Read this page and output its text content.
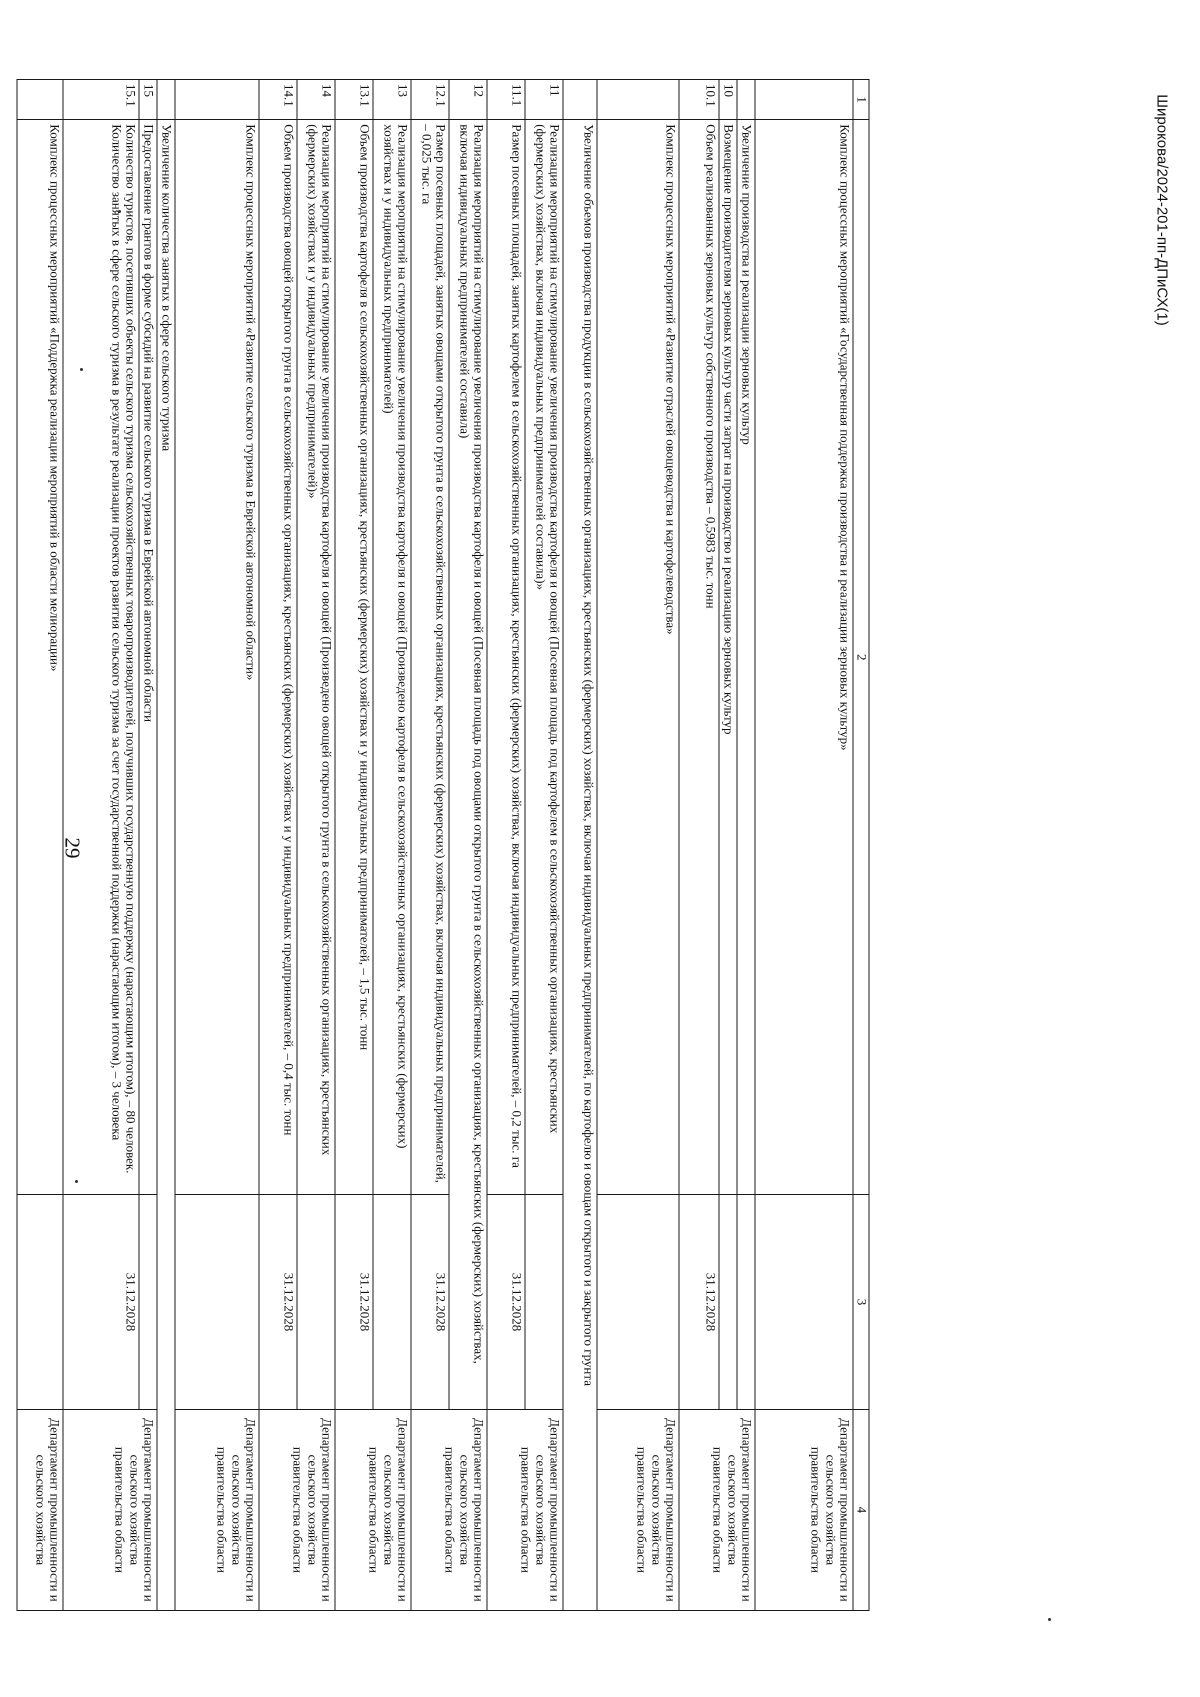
29
Широкова/2024-201-пп-ДПиСХ(1)
1	2	3	4
	Комплекс процессных мероприятий «Государственная поддержка производства и реализации зерновых культур»		Департамент промышленности и сельского хозяйства правительства области
	Увеличение производства и реализации зерновых культур		Департамент промышленности и сельского хозяйства правительства области
10	Возмещение производителям зерновых культур части затрат на производство и реализацию зерновых культур		
10.1	Объем реализованных зерновых культур собственного производства – 0,5983 тыс. тонн	31.12.2028	
	Комплекс процессных мероприятий «Развитие отраслей овощеводства и картофелеводства»		Департамент промышленности и сельского хозяйства правительства области
	Увеличение объемов производства продукции в сельскохозяйственных организациях, крестьянских (фермерских) хозяйствах, включая индивидуальных предпринимателей, по картофелю и овощам открытого и закрытого грунта		
11	Реализация мероприятий на стимулирование увеличения производства картофеля и овощей (Посевная площадь под картофелем в сельскохозяйственных организациях, крестьянских (фермерских) хозяйствах, включая индивидуальных предпринимателей составила)»		Департамент промышленности и сельского хозяйства правительства области
11.1	Размер посевных площадей, занятых картофелем в сельскохозяйственных организациях, крестьянских (фермерских) хозяйствах, включая индивидуальных предпринимателей, – 0,2 тыс. га	31.12.2028	
12	Реализация мероприятий на стимулирование увеличения производства картофеля и овощей (Посевная площадь под овощами открытого грунта в сельскохозяйственных организациях, крестьянских (фермерских) хозяйствах, включая индивидуальных предпринимателей составила)		Департамент промышленности и сельского хозяйства правительства области
12.1	Размер посевных площадей, занятых овощами открытого грунта в сельскохозяйственных организациях, крестьянских (фермерских) хозяйствах, включая индивидуальных предпринимателей, – 0,025 тыс. га	31.12.2028	
13	Реализация мероприятий на стимулирование увеличения производства картофеля и овощей (Произведено картофеля в сельскохозяйственных организациях, крестьянских (фермерских) хозяйствах и у индивидуальных предпринимателей)		Департамент промышленности и сельского хозяйства правительства области
13.1	Объем производства картофеля в сельскохозяйственных организациях, крестьянских (фермерских) хозяйствах и у индивидуальных предпринимателей, – 1,5 тыс. тонн	31.12.2028	
14	Реализация мероприятий на стимулирование увеличения производства картофеля и овощей (Произведено овощей открытого грунта в сельскохозяйственных организациях, крестьянских (фермерских) хозяйствах и у индивидуальных предпринимателей)»		Департамент промышленности и сельского хозяйства правительства области
14.1	Объем производства овощей открытого грунта в сельскохозяйственных организациях, крестьянских (фермерских) хозяйствах и у индивидуальных предпринимателей, – 0,4 тыс. тонн	31.12.2028	
	Комплекс процессных мероприятий «Развитие сельского туризма в Еврейской автономной области»		Департамент промышленности и сельского хозяйства правительства области
	Увеличение количества занятых в сфере сельского туризма		
15	Предоставление грантов в форме субсидий на развитие сельского туризма в Еврейской автономной области		Департамент промышленности и сельского хозяйства правительства области
15.1	Количество туристов, посетивших объекты сельского туризма сельскохозяйственных товаропроизводителей, получивших государственную поддержку (нарастающим итогом), – 80 человек.
Количество занятых в сфере сельского туризма в результате реализации проектов развития сельского туризма за счет государственной поддержки (нарастающим итогом), – 3 человека	31.12.2028	
	Комплекс процессных мероприятий «Поддержка реализации мероприятий в области мелиорации»		Департамент промышленности и сельского хозяйства
